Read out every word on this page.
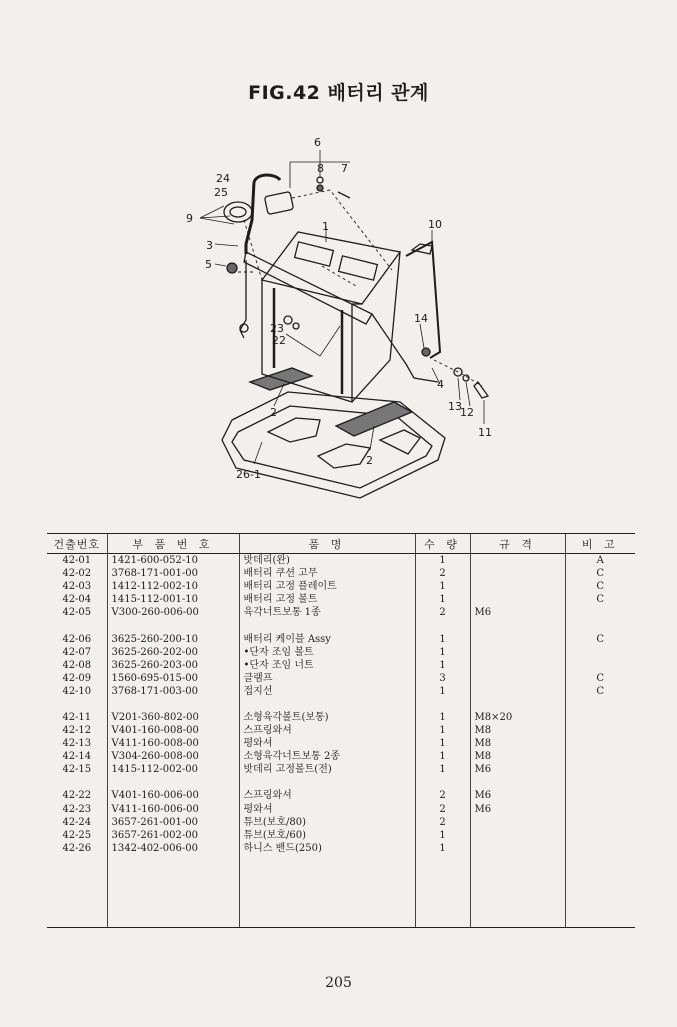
FIG.42 배터리 관계
6
8 7
24
25
9
3
1	10
5
14
23
22
4
13
12
11
2
2
26-1
건출번호	부 품 번 호	품 명	수 량	규 격	비 고
42-01	1421-600-052-10	밧데리(완)	1		A
42-02	3768-171-001-00	배터리 쿠션 고무	2		C
42-03	1412-112-002-10	배터리 고정 플레이트	1		C
42-04	1415-112-001-10	배터리 고정 볼트	1		C
42-05	V300-260-006-00	육각너트보통 1종	2	M6	

42-06	3625-260-200-10	배터리 케이블 Assy	1		C
42-07	3625-260-202-00	•단자 조임 볼트	1		
42-08	3625-260-203-00	•단자 조임 너트	1		
42-09	1560-695-015-00	클램프	3		C
42-10	3768-171-003-00	접지선	1		C

42-11	V201-360-802-00	소형육각볼트(보통)	1	M8×20	
42-12	V401-160-008-00	스프링와셔	1	M8	
42-13	V411-160-008-00	평와셔	1	M8	
42-14	V304-260-008-00	소형육각너트보통 2종	1	M8	
42-15	1415-112-002-00	밧데리 고정볼트(전)	1	M6	

42-22	V401-160-006-00	스프링와셔	2	M6	
42-23	V411-160-006-00	평와셔	2	M6	
42-24	3657-261-001-00	튜브(보호/80)	2		
42-25	3657-261-002-00	튜브(보호/60)	1		
42-26	1342-402-006-00	하니스 밴드(250)	1		

205
